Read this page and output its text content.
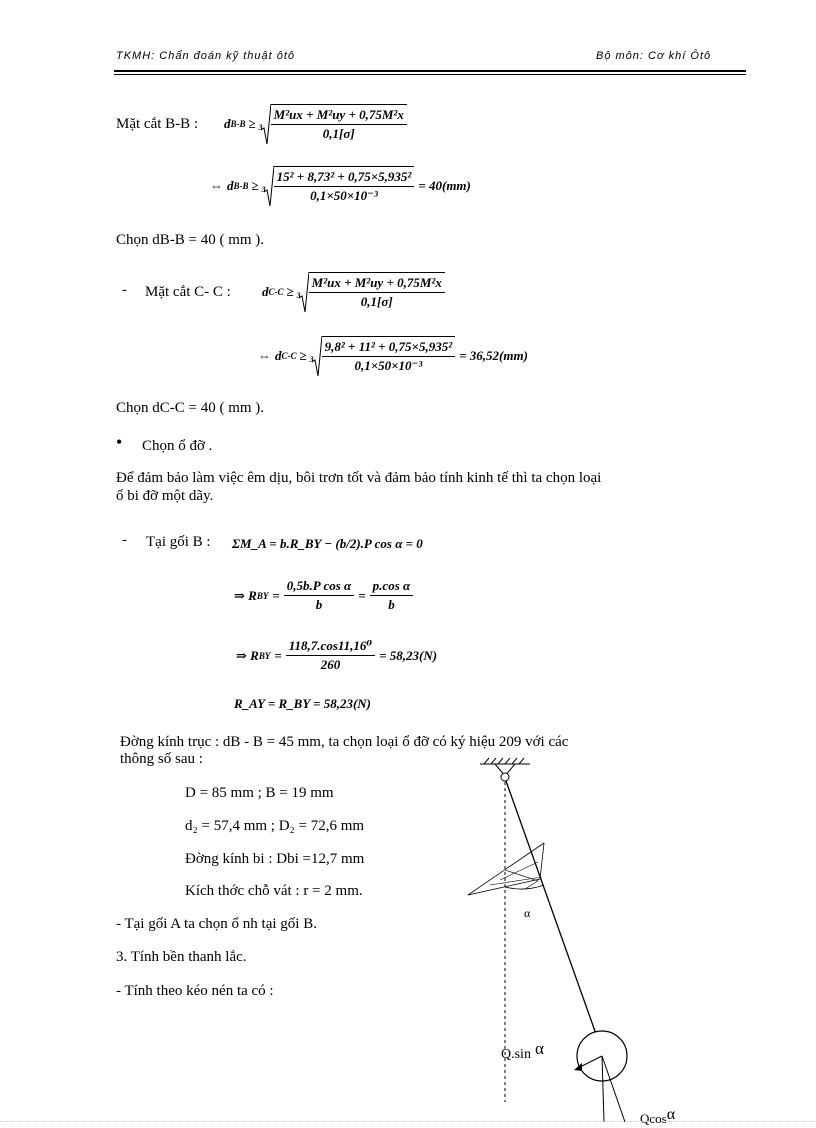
TKMH: Chẩn đoán kỹ thuật ôtô	Bộ môn: Cơ khí Ôtô
Mặt cắt B-B : d $B-B \ge 3 \frac{\text{M²ux + M²uy + 0,75M²x}}{0,1[\sigma]}$
⇔ d $B-B \ge 3 \frac{\text{15² + 8,73² + 0,75×5,935²}}{\text{0,1×50×10⁻³}} = 40(mm)$
Chọn dB-B = 40 ( mm ).
- Mặt cắt C- C : d $C-C \ge 3 \frac{\text{M²ux + M²uy + 0,75M²x}}{0,1[\sigma]}$
⇔ d $C-C \ge 3 \frac{\text{9,8² + 11² + 0,75×5,935²}}{\text{0,1×50×10⁻³}} = 36,52(mm)$
Chọn dC-C = 40 ( mm ).
• Chọn ổ đỡ .
Để đảm bảo làm việc êm dịu, bôi trơn tốt và đảm bảo tính kinh tế thì ta chọn loại
ổ bi đỡ một dãy.
- Tại gối B : ΣM_A = b.R_BY − (b/2).P cos α = 0
⇒ R BY = $\frac{\text{0,5b.P cos α}}{b} = \frac{\text{p.cos α}}{b}$
⇒ R BY = $\frac{\text{118,7.cos11,16⁰}}{260} = 58,23(N)$
R_AY = R_BY = 58,23(N)
Đờng kính trục : dB - B = 45 mm, ta chọn loại ổ đỡ có ký hiệu 209 với các
thông số sau :
D = 85 mm ; B = 19 mm
d₂ = 57,4 mm ; D₂ = 72,6 mm
Đờng kính bi : Dbi =12,7 mm
Kích thớc chỗ vát : r = 2 mm.
- Tại gối A ta chọn ổ nh tại gối B.
3. Tính bền thanh lắc.
- Tính theo kéo nén ta có :
α
Q.sin α
Qcosα
